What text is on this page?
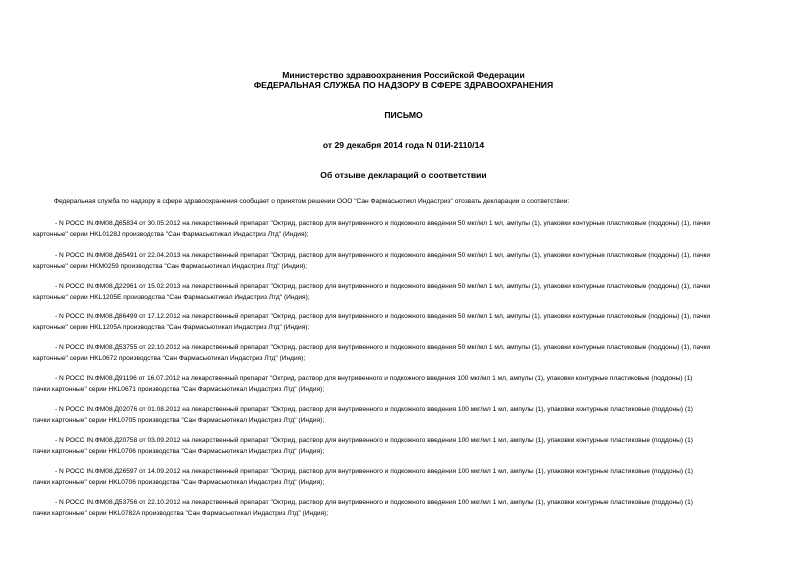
Министерство здравоохранения Российской Федерации
ФЕДЕРАЛЬНАЯ СЛУЖБА ПО НАДЗОРУ В СФЕРЕ ЗДРАВООХРАНЕНИЯ
ПИСЬМО
от 29 декабря 2014 года N 01И-2110/14
Об отзыве деклараций о соответствии
Федеральная служба по надзору в сфере здравоохранения сообщает о принятом решении ООО "Сан Фармасьютикл Индастриз" отозвать декларации о соответствии:
- N РОСС IN.ФМ08.Д65834 от 30.05.2012 на лекарственный препарат "Октрид, раствор для внутривенного и подкожного введения 50 мкг/мл 1 мл, ампулы (1), упаковки контурные пластиковые (поддоны) (1), пачки
картонные" серии HKL0128J производства "Сан Фармасьютикал Индастриз Лтд" (Индия);
- N РОСС IN.ФМ08.Д65491 от 22.04.2013 на лекарственный препарат "Октрид, раствор для внутривенного и подкожного введения 50 мкг/мл 1 мл, ампулы (1), упаковки контурные пластиковые (поддоны) (1), пачки
картонные" серии HKM0259 производства "Сан Фармасьютикал Индастриз Лтд" (Индия);
- N РОСС IN.ФМ08.Д22961 от 15.02.2013 на лекарственный препарат "Октрид, раствор для внутривенного и подкожного введения 50 мкг/мл 1 мл, ампулы (1), упаковки контурные пластиковые (поддоны) (1), пачки
картонные" серии HKL1205E производства "Сан Фармасьютикал Индастриз Лтд" (Индия);
- N РОСС IN.ФМ08.Д86499 от 17.12.2012 на лекарственный препарат "Октрид, раствор для внутривенного и подкожного введения 50 мкг/мл 1 мл, ампулы (1), упаковки контурные пластиковые (поддоны) (1), пачки
картонные" серии HKL1205A производства "Сан Фармасьютикал Индастриз Лтд" (Индия);
- N РОСС IN.ФМ08.Д53755 от 22.10.2012 на лекарственный препарат "Октрид, раствор для внутривенного и подкожного введения 50 мкг/мл 1 мл, ампулы (1), упаковки контурные пластиковые (поддоны) (1), пачки
картонные" серии HKL0672 производства "Сан Фармасьютикал Индастриз Лтд" (Индия);
- N РОСС IN.ФМ08.Д91196 от 16.07.2012 на лекарственный препарат "Октрид, раствор для внутривенного и подкожного введения 100 мкг/мл 1 мл, ампулы (1), упаковки контурные пластиковые (поддоны) (1)
пачки картонные" серии HKL0671 производства "Сан Фармасьютикал Индастриз Лтд" (Индия);
- N РОСС IN.ФМ08.Д02076 от 01.08.2012 на лекарственный препарат "Октрид, раствор для внутривенного и подкожного введения 100 мкг/мл 1 мл, ампулы (1), упаковки контурные пластиковые (поддоны) (1)
пачки картонные" серии HKL0705 производства "Сан Фармасьютикал Индастриз Лтд" (Индия);
- N РОСС IN.ФМ08.Д20758 от 03.09.2012 на лекарственный препарат "Октрид, раствор для внутривенного и подкожного введения 100 мкг/мл 1 мл, ампулы (1), упаковки контурные пластиковые (поддоны) (1)
пачки картонные" серии HKL0706 производства "Сан Фармасьютикал Индастриз Лтд" (Индия);
- N РОСС IN.ФМ08.Д26597 от 14.09.2012 на лекарственный препарат "Октрид, раствор для внутривенного и подкожного введения 100 мкг/мл 1 мл, ампулы (1), упаковки контурные пластиковые (поддоны) (1)
пачки картонные" серии HKL0706 производства "Сан Фармасьютикал Индастриз Лтд" (Индия);
- N РОСС IN.ФМ08.Д53756 от 22.10.2012 на лекарственный препарат "Октрид, раствор для внутривенного и подкожного введения 100 мкг/мл 1 мл, ампулы (1), упаковки контурные пластиковые (поддоны) (1)
пачки картонные" серии HKL0782A производства "Сан Фармасьютикал Индастриз Лтд" (Индия);
